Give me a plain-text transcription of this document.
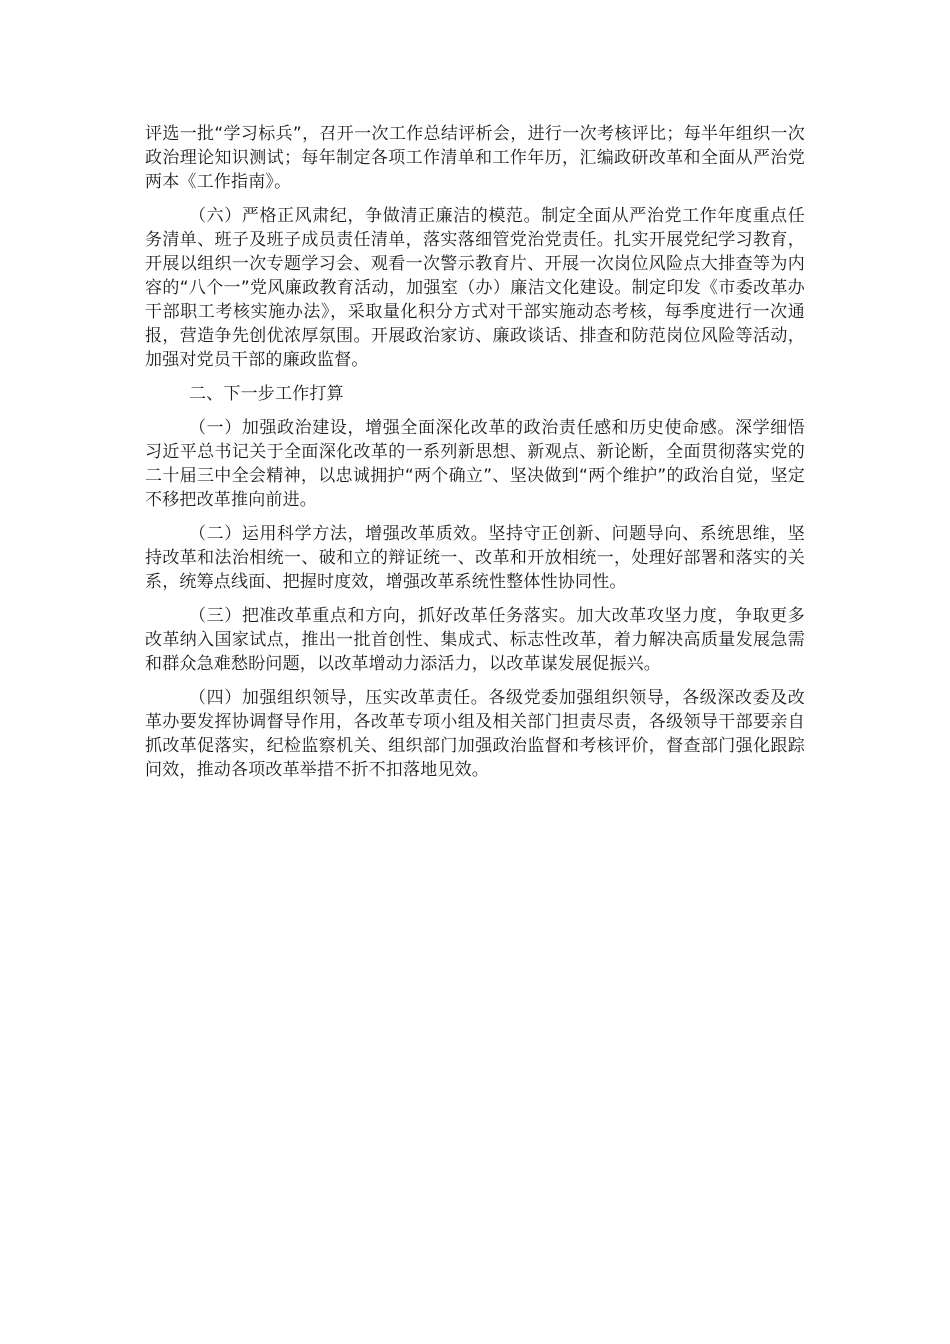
评选一批“学习标兵”，召开一次工作总结评析会，进行一次考核评比；每半年组织一次政治理论知识测试；每年制定各项工作清单和工作年历，汇编政研改革和全面从严治党两本《工作指南》。

（六）严格正风肃纪，争做清正廉洁的模范。制定全面从严治党工作年度重点任务清单、班子及班子成员责任清单，落实落细管党治党责任。扎实开展党纪学习教育，开展以组织一次专题学习会、观看一次警示教育片、开展一次岗位风险点大排查等为内容的“八个一”党风廉政教育活动，加强室（办）廉洁文化建设。制定印发《市委改革办干部职工考核实施办法》，采取量化积分方式对干部实施动态考核，每季度进行一次通报，营造争先创优浓厚氛围。开展政治家访、廉政谈话、排查和防范岗位风险等活动，加强对党员干部的廉政监督。

二、下一步工作打算

（一）加强政治建设，增强全面深化改革的政治责任感和历史使命感。深学细悟习近平总书记关于全面深化改革的一系列新思想、新观点、新论断，全面贯彻落实党的二十届三中全会精神，以忠诚拥护“两个确立”、坚决做到“两个维护”的政治自觉，坚定不移把改革推向前进。

（二）运用科学方法，增强改革质效。坚持守正创新、问题导向、系统思维，坚持改革和法治相统一、破和立的辩证统一、改革和开放相统一，处理好部署和落实的关系，统筹点线面、把握时度效，增强改革系统性整体性协同性。

（三）把准改革重点和方向，抓好改革任务落实。加大改革攻坚力度，争取更多改革纳入国家试点，推出一批首创性、集成式、标志性改革，着力解决高质量发展急需和群众急难愁盼问题，以改革增动力添活力，以改革谋发展促振兴。

（四）加强组织领导，压实改革责任。各级党委加强组织领导，各级深改委及改革办要发挥协调督导作用，各改革专项小组及相关部门担责尽责，各级领导干部要亲自抓改革促落实，纪检监察机关、组织部门加强政治监督和考核评价，督查部门强化跟踪问效，推动各项改革举措不折不扣落地见效。
